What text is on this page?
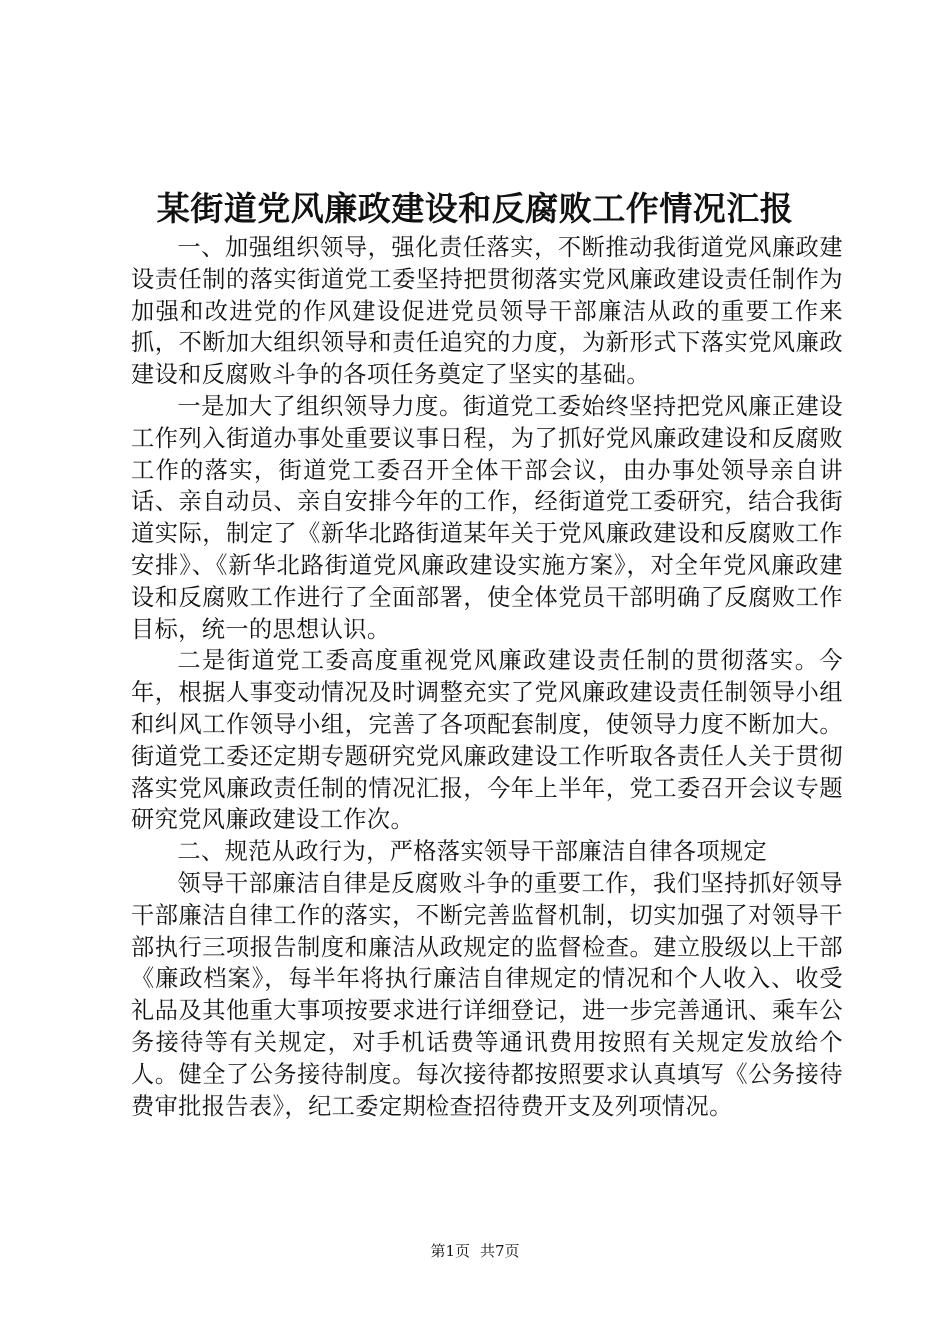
某街道党风廉政建设和反腐败工作情况汇报

一、加强组织领导，强化责任落实，不断推动我街道党风廉政建设责任制的落实街道党工委坚持把贯彻落实党风廉政建设责任制作为加强和改进党的作风建设促进党员领导干部廉洁从政的重要工作来抓，不断加大组织领导和责任追究的力度，为新形式下落实党风廉政建设和反腐败斗争的各项任务奠定了坚实的基础。

一是加大了组织领导力度。街道党工委始终坚持把党风廉正建设工作列入街道办事处重要议事日程，为了抓好党风廉政建设和反腐败工作的落实，街道党工委召开全体干部会议，由办事处领导亲自讲话、亲自动员、亲自安排今年的工作，经街道党工委研究，结合我街道实际，制定了《新华北路街道某年关于党风廉政建设和反腐败工作安排》、《新华北路街道党风廉政建设实施方案》，对全年党风廉政建设和反腐败工作进行了全面部署，使全体党员干部明确了反腐败工作目标，统一的思想认识。

二是街道党工委高度重视党风廉政建设责任制的贯彻落实。今年，根据人事变动情况及时调整充实了党风廉政建设责任制领导小组和纠风工作领导小组，完善了各项配套制度，使领导力度不断加大。街道党工委还定期专题研究党风廉政建设工作听取各责任人关于贯彻落实党风廉政责任制的情况汇报，今年上半年，党工委召开会议专题研究党风廉政建设工作次。

二、规范从政行为，严格落实领导干部廉洁自律各项规定

领导干部廉洁自律是反腐败斗争的重要工作，我们坚持抓好领导干部廉洁自律工作的落实，不断完善监督机制，切实加强了对领导干部执行三项报告制度和廉洁从政规定的监督检查。建立股级以上干部《廉政档案》，每半年将执行廉洁自律规定的情况和个人收入、收受礼品及其他重大事项按要求进行详细登记，进一步完善通讯、乘车公务接待等有关规定，对手机话费等通讯费用按照有关规定发放给个人。健全了公务接待制度。每次接待都按照要求认真填写《公务接待费审批报告表》，纪工委定期检查招待费开支及列项情况。

第1页 共7页
